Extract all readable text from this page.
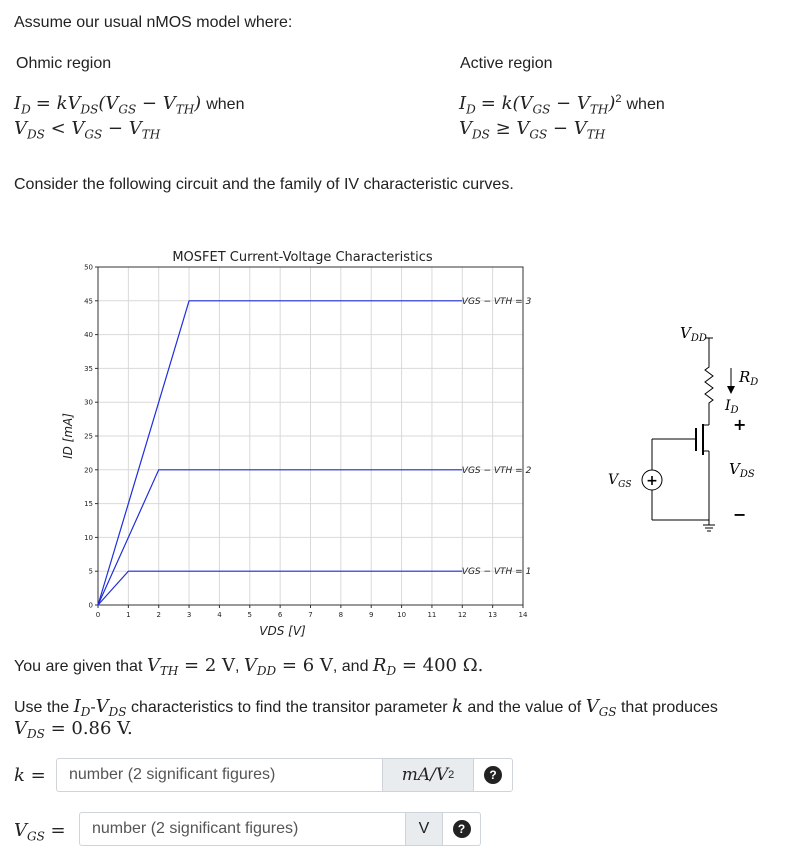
Assume our usual nMOS model where:
Ohmic region
$I_D = kV_{DS}(V_{GS} - V_{TH})$ when
$V_{DS} < V_{GS} - V_{TH}$
Active region
$I_D = k(V_{GS} - V_{TH})^2$ when
$V_{DS} \ge V_{GS} - V_{TH}$
Consider the following circuit and the family of IV characteristic curves.
0	1	2	3	4	5	6	7	8	9	10	11	12	13	14
0
5
10
15
20
25
30
35
40
45
50
MOSFET Current-Voltage Characteristics
VDS [V]
ID [mA]
VGS − VTH = 1
VGS − VTH = 2
VGS − VTH = 3
+
$V_{DD}$
$R_D$
$I_D$
+
$V_{DS}$
−
$V_{GS}$
You are given that $V_{TH} = 2$ V, $V_{DD} = 6$ V, and $R_D = 400$ Ω.
Use the $I_D-V_{DS}$ characteristics to find the transitor parameter k and the value of $V_{GS}$ that produces
$V_{DS} = 0.86$ V.
k =
number (2 significant figures)	mA/V 2	?
$V_{GS}$ =
number (2 significant figures)	V	?
